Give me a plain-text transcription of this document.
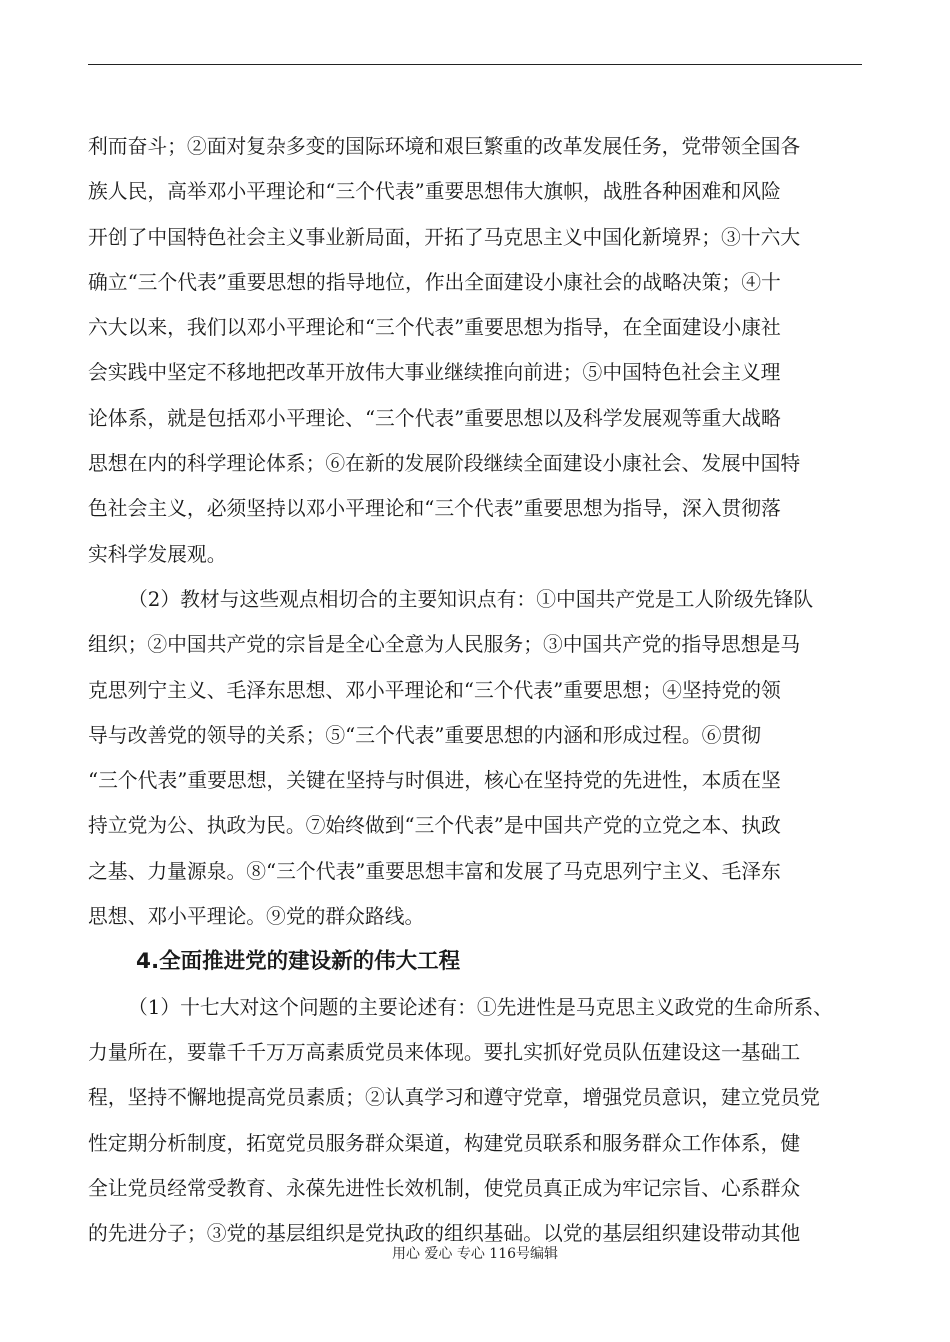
利而奋斗；②面对复杂多变的国际环境和艰巨繁重的改革发展任务，党带领全国各
族人民，高举邓小平理论和“三个代表”重要思想伟大旗帜，战胜各种困难和风险
开创了中国特色社会主义事业新局面，开拓了马克思主义中国化新境界；③十六大
确立“三个代表”重要思想的指导地位，作出全面建设小康社会的战略决策；④十
六大以来，我们以邓小平理论和“三个代表”重要思想为指导，在全面建设小康社
会实践中坚定不移地把改革开放伟大事业继续推向前进；⑤中国特色社会主义理
论体系，就是包括邓小平理论、“三个代表”重要思想以及科学发展观等重大战略
思想在内的科学理论体系；⑥在新的发展阶段继续全面建设小康社会、发展中国特
色社会主义，必须坚持以邓小平理论和“三个代表”重要思想为指导，深入贯彻落
实科学发展观。
（2）教材与这些观点相切合的主要知识点有：①中国共产党是工人阶级先锋队
组织；②中国共产党的宗旨是全心全意为人民服务；③中国共产党的指导思想是马
克思列宁主义、毛泽东思想、邓小平理论和“三个代表”重要思想；④坚持党的领
导与改善党的领导的关系；⑤“三个代表”重要思想的内涵和形成过程。⑥贯彻
“三个代表”重要思想，关键在坚持与时俱进，核心在坚持党的先进性，本质在坚
持立党为公、执政为民。⑦始终做到“三个代表”是中国共产党的立党之本、执政
之基、力量源泉。⑧“三个代表”重要思想丰富和发展了马克思列宁主义、毛泽东
思想、邓小平理论。⑨党的群众路线。
4.全面推进党的建设新的伟大工程
（1）十七大对这个问题的主要论述有：①先进性是马克思主义政党的生命所系、
力量所在，要靠千千万万高素质党员来体现。要扎实抓好党员队伍建设这一基础工
程，坚持不懈地提高党员素质；②认真学习和遵守党章，增强党员意识，建立党员党
性定期分析制度，拓宽党员服务群众渠道，构建党员联系和服务群众工作体系，健
全让党员经常受教育、永葆先进性长效机制，使党员真正成为牢记宗旨、心系群众
的先进分子；③党的基层组织是党执政的组织基础。以党的基层组织建设带动其他
用心 爱心 专心 116号编辑
